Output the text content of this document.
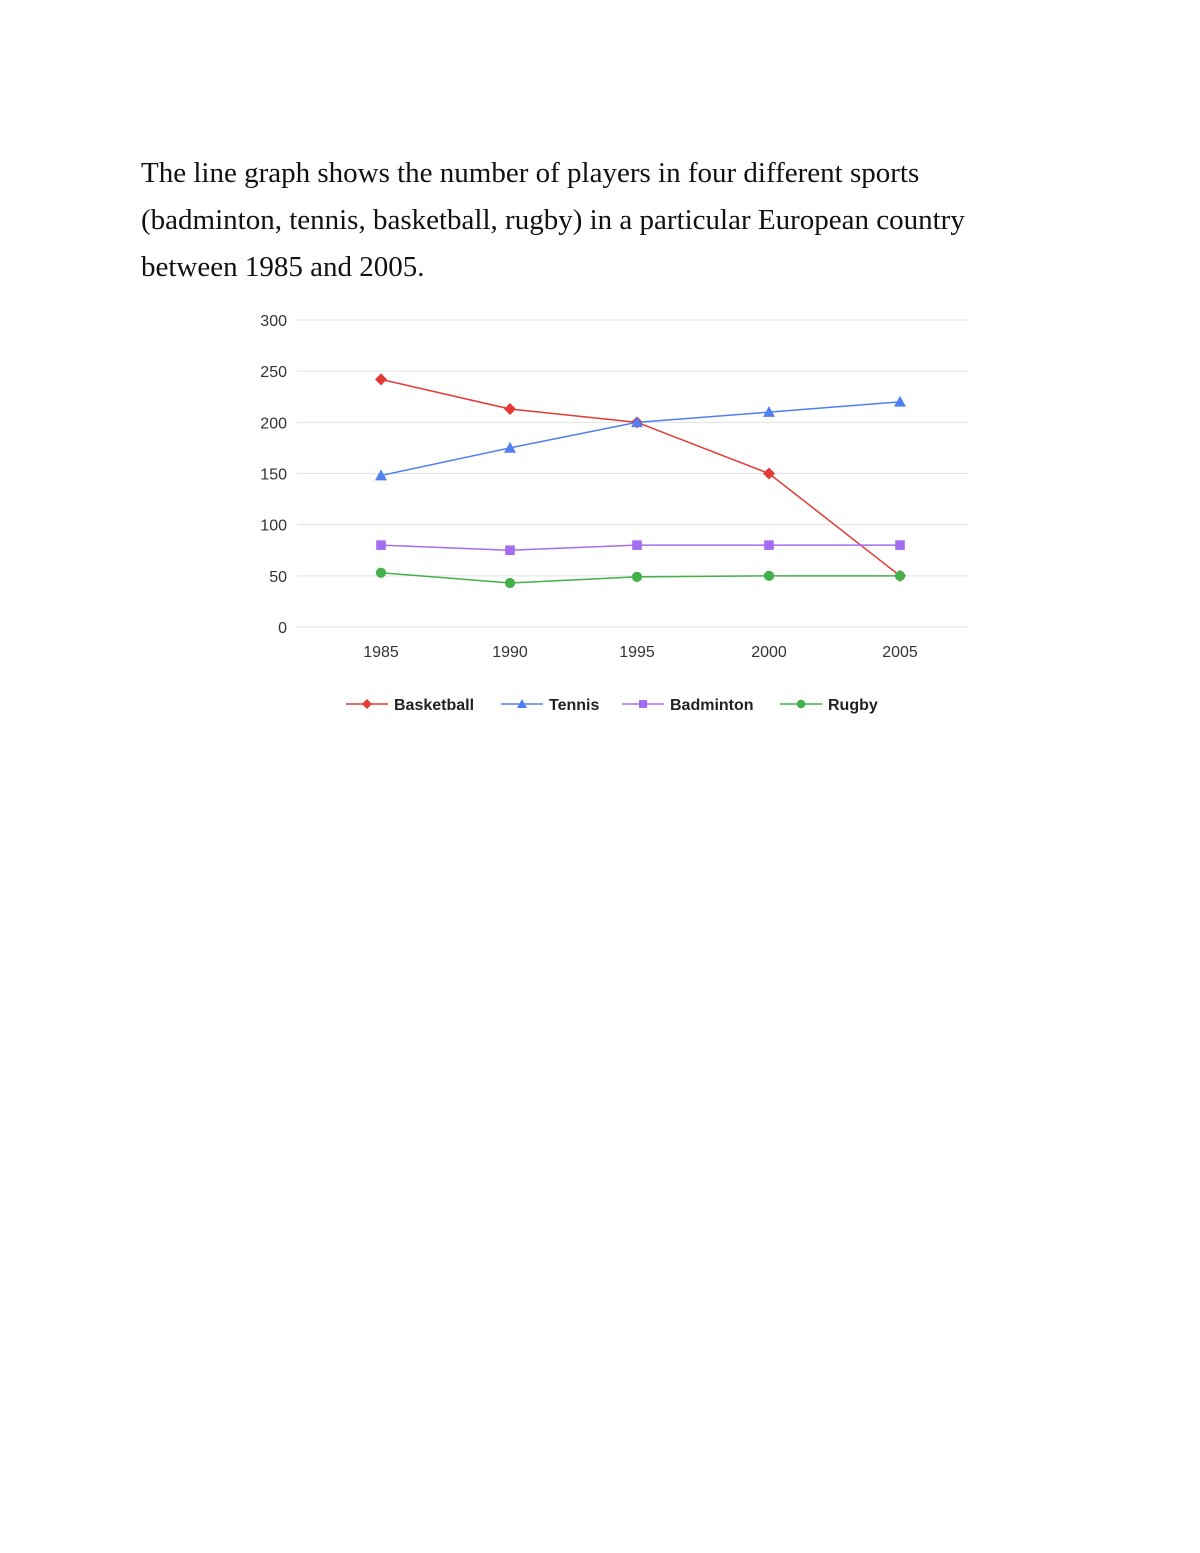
The line graph shows the number of players in four different sports (badminton, tennis, basketball, rugby) in a particular European country between 1985 and 2005.

0
50
100
150
200
250
300
1985	1990	1995	2000	2005
Basketball	Tennis	Badminton	Rugby
